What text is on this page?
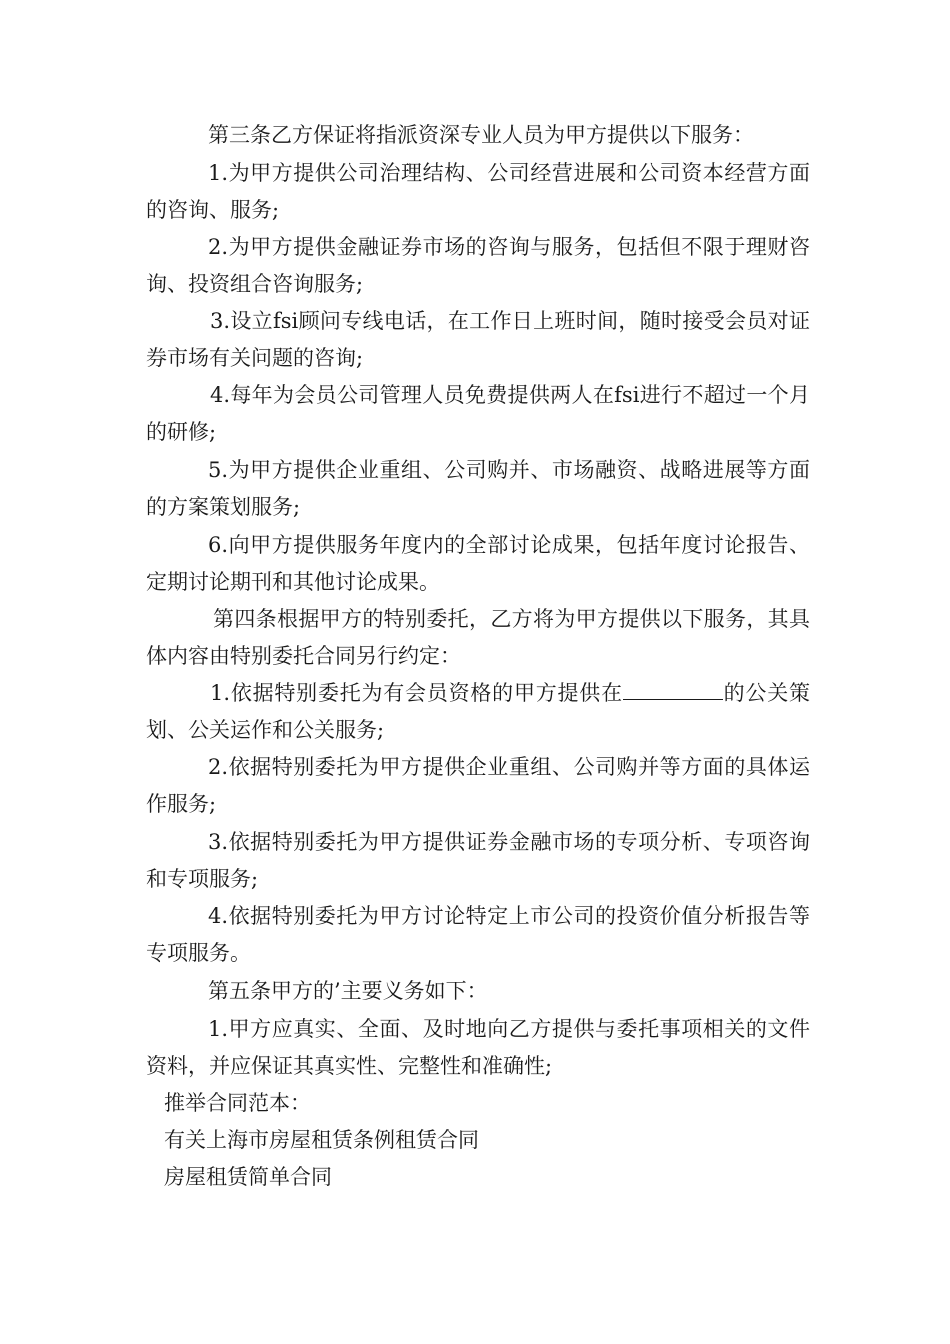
第三条乙方保证将指派资深专业人员为甲方提供以下服务：

1.为甲方提供公司治理结构、公司经营进展和公司资本经营方面的咨询、服务;

2.为甲方提供金融证券市场的咨询与服务，包括但不限于理财咨询、投资组合咨询服务;

3.设立fsi顾问专线电话，在工作日上班时间，随时接受会员对证券市场有关问题的咨询;

4.每年为会员公司管理人员免费提供两人在fsi进行不超过一个月的研修;

5.为甲方提供企业重组、公司购并、市场融资、战略进展等方面的方案策划服务;

6.向甲方提供服务年度内的全部讨论成果，包括年度讨论报告、定期讨论期刊和其他讨论成果。

第四条根据甲方的特别委托，乙方将为甲方提供以下服务，其具体内容由特别委托合同另行约定：

1.依据特别委托为有会员资格的甲方提供在	的公关策划、公关运作和公关服务;

2.依据特别委托为甲方提供企业重组、公司购并等方面的具体运作服务;

3.依据特别委托为甲方提供证券金融市场的专项分析、专项咨询和专项服务;

4.依据特别委托为甲方讨论特定上市公司的投资价值分析报告等专项服务。

第五条甲方的’主要义务如下：

1.甲方应真实、全面、及时地向乙方提供与委托事项相关的文件资料，并应保证其真实性、完整性和准确性;

推举合同范本：

有关上海市房屋租赁条例租赁合同

房屋租赁简单合同
